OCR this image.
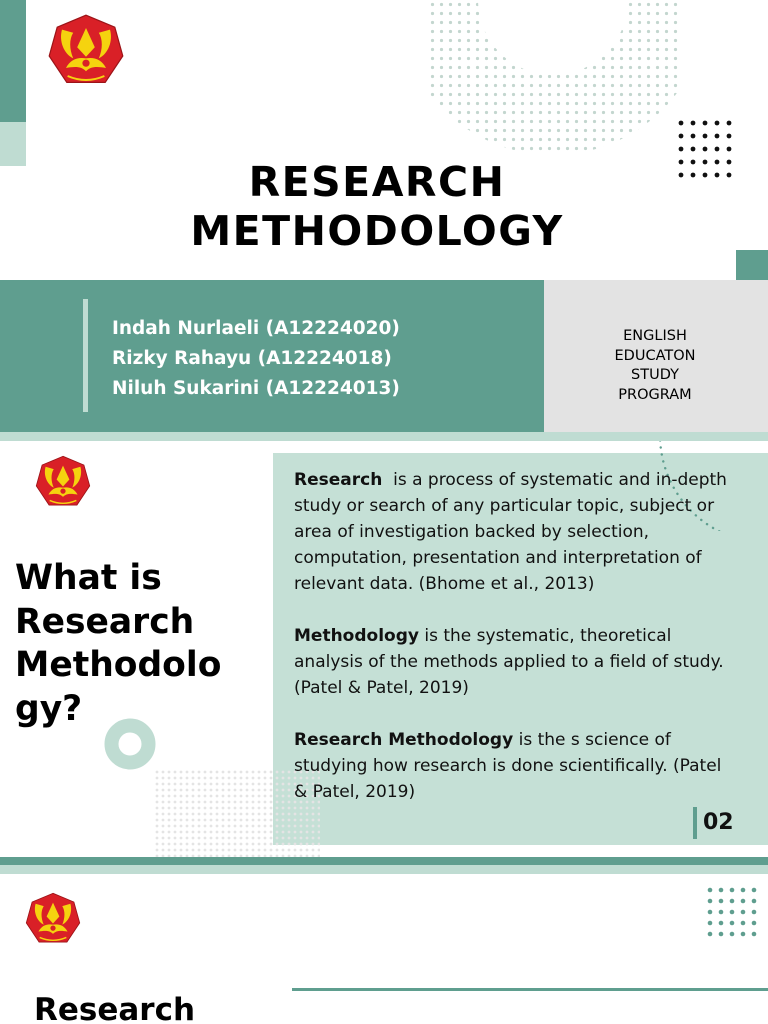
RESEARCH
METHODOLOGY
Indah Nurlaeli (A12224020)
Rizky Rahayu (A12224018)
Niluh Sukarini (A12224013)
ENGLISH
EDUCATON
STUDY
PROGRAM
What is
Research
Methodolo
gy?

Research  is a process of systematic and in-depth study or search of any particular topic, subject or area of investigation backed by selection, computation, presentation and interpretation of relevant data. (Bhome et al., 2013)

Methodology is the systematic, theoretical analysis of the methods applied to a field of study. (Patel & Patel, 2019)

Research Methodology is the s science of studying how research is done scientifically. (Patel & Patel, 2019)

02
Research
